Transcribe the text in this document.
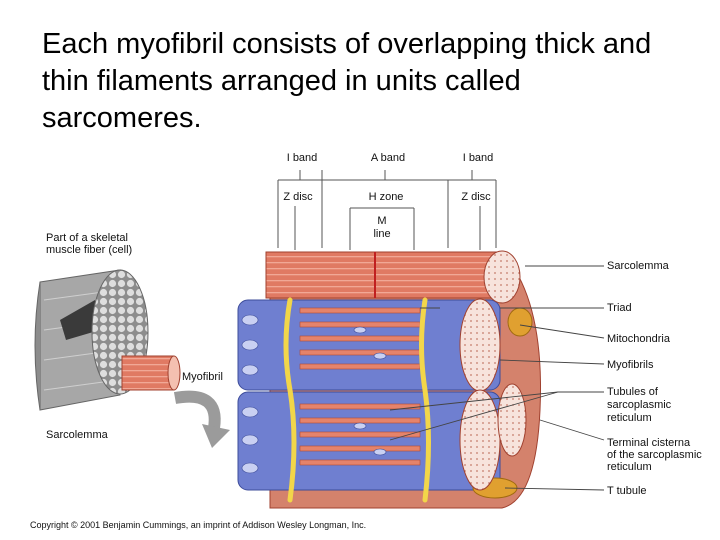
Each myofibril consists of overlapping thick and thin filaments arranged in units called sarcomeres.
I band	A band	I band
Z disc	H zone	Z disc
M
line
Part of a skeletal
muscle fiber (cell)
Myofibril
Sarcolemma
Sarcolemma
Triad
Mitochondria
Myofibrils
Tubules of
sarcoplasmic
reticulum
Terminal cisterna
of the sarcoplasmic
reticulum
T tubule
Copyright © 2001 Benjamin Cummings, an imprint of Addison Wesley Longman, Inc.
